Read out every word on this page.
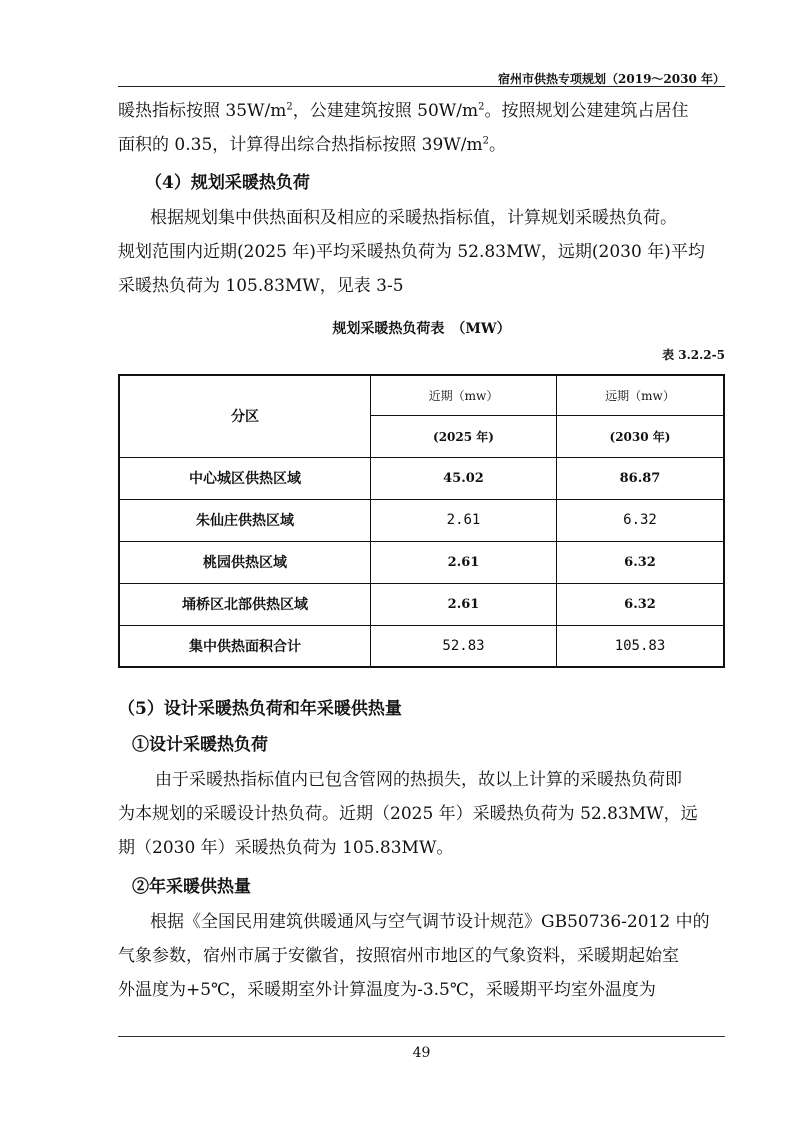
宿州市供热专项规划（2019～2030 年）
暖热指标按照 $35W/m^2$，公建建筑按照 $50W/m^2$。按照规划公建建筑占居住
面积的 0.35，计算得出综合热指标按照 $39W/m^2$。
（4）规划采暖热负荷
根据规划集中供热面积及相应的采暖热指标值，计算规划采暖热负荷。
规划范围内近期(2025 年)平均采暖热负荷为 52.83MW，远期(2030 年)平均
采暖热负荷为 105.83MW，见表 3-5
规划采暖热负荷表　（MW）
表 3.2.2-5
分区	近期（mw）	远期（mw）
	(2025 年)	(2030 年)
中心城区供热区域	45.02	86.87
朱仙庄供热区域	2.61	6.32
桃园供热区域	2.61	6.32
埇桥区北部供热区域	2.61	6.32
集中供热面积合计	52.83	105.83
（5）设计采暖热负荷和年采暖供热量
①设计采暖热负荷
由于采暖热指标值内已包含管网的热损失，故以上计算的采暖热负荷即
为本规划的采暖设计热负荷。近期（2025 年）采暖热负荷为 52.83MW，远
期（2030 年）采暖热负荷为 105.83MW。
②年采暖供热量
根据《全国民用建筑供暖通风与空气调节设计规范》GB50736-2012 中的
气象参数，宿州市属于安徽省，按照宿州市地区的气象资料，采暖期起始室
外温度为+5℃，采暖期室外计算温度为-3.5℃，采暖期平均室外温度为
49
